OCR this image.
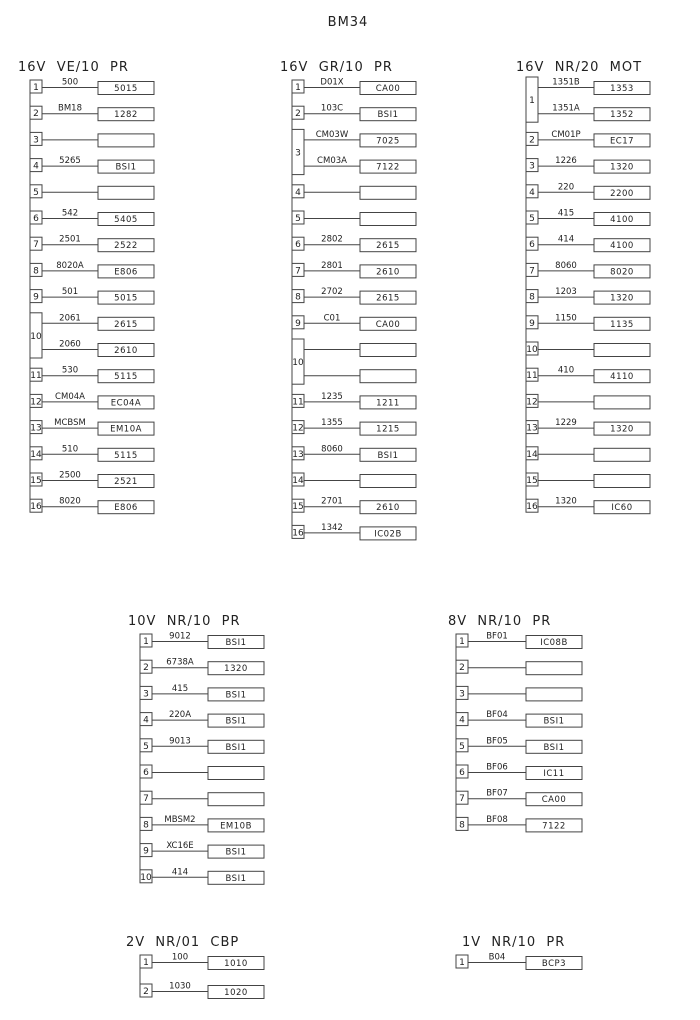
BM34
16V  VE/10  PR
1
500
5015
2
BM18
1282
3
4
5265
BSI1
5
6
542
5405
7
2501
2522
8
8020A
E806
9
501
5015
10
2061
2615
2060
2610
11
530
5115
12
CM04A
EC04A
13
MCBSM
EM10A
14
510
5115
15
2500
2521
16
8020
E806
16V  GR/10  PR
1
D01X
CA00
2
103C
BSI1
3
CM03W
7025
CM03A
7122
4
5
6
2802
2615
7
2801
2610
8
2702
2615
9
C01
CA00
10
11
1235
1211
12
1355
1215
13
8060
BSI1
14
15
2701
2610
16
1342
IC02B
16V  NR/20  MOT
1
1351B
1353
1351A
1352
2
CM01P
EC17
3
1226
1320
4
220
2200
5
415
4100
6
414
4100
7
8060
8020
8
1203
1320
9
1150
1135
10
11
410
4110
12
13
1229
1320
14
15
16
1320
IC60
10V  NR/10  PR
1
9012
BSI1
2
6738A
1320
3
415
BSI1
4
220A
BSI1
5
9013
BSI1
6
7
8
MBSM2
EM10B
9
XC16E
BSI1
10
414
BSI1
8V  NR/10  PR
1
BF01
IC08B
2
3
4
BF04
BSI1
5
BF05
BSI1
6
BF06
IC11
7
BF07
CA00
8
BF08
7122
2V  NR/01  CBP
1
100
1010
2
1030
1020
1V  NR/10  PR
1
B04
BCP3
